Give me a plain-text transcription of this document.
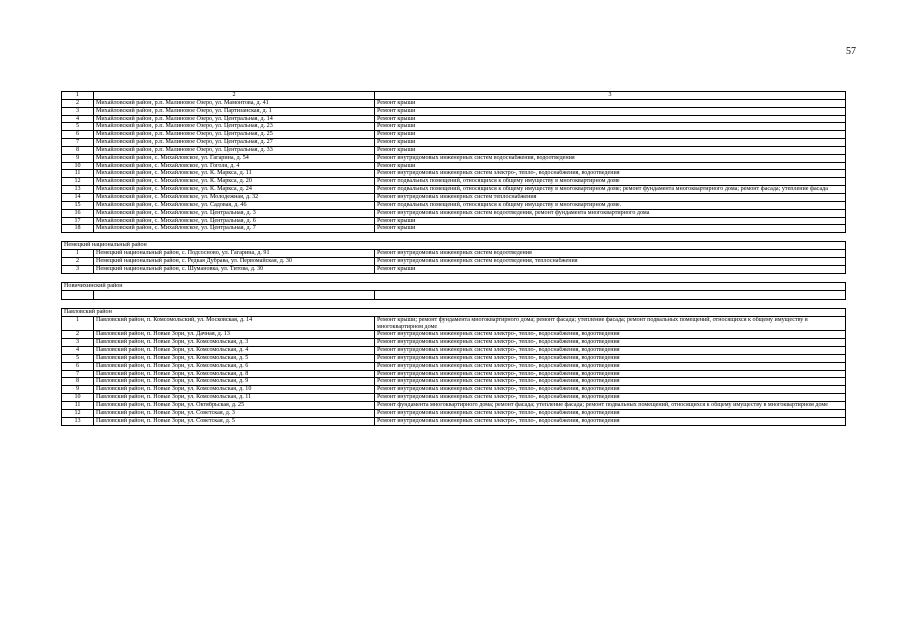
57
1	2	3
2	Михайловский район, р.п. Малиновое Озеро, ул. Мамонтова, д. 41	Ремонт крыши
3	Михайловский район, р.п. Малиновое Озеро, ул. Партизанская, д. 1	Ремонт крыши
4	Михайловский район, р.п. Малиновое Озеро, ул. Центральная, д. 14	Ремонт крыши
5	Михайловский район, р.п. Малиновое Озеро, ул. Центральная, д. 23	Ремонт крыши
6	Михайловский район, р.п. Малиновое Озеро, ул. Центральная, д. 25	Ремонт крыши
7	Михайловский район, р.п. Малиновое Озеро, ул. Центральная, д. 27	Ремонт крыши
8	Михайловский район, р.п. Малиновое Озеро, ул. Центральная, д. 33	Ремонт крыши
9	Михайловский район, с. Михайловское, ул. Гагарина, д. 54	Ремонт внутридомовых инженерных систем водоснабжения, водоотведения
10	Михайловский район, с. Михайловское, ул. Гоголя, д. 4	Ремонт крыши
11	Михайловский район, с. Михайловское, ул. К. Маркса, д. 11	Ремонт внутридомовых инженерных систем электро-, тепло-, водоснабжения, водоотведения
12	Михайловский район, с. Михайловское, ул. К. Маркса, д. 20	Ремонт подвальных помещений, относящихся к общему имуществу в многоквартирном доме
13	Михайловский район, с. Михайловское, ул. К. Маркса, д. 24	Ремонт подвальных помещений, относящихся к общему имуществу в многоквартирном доме; ремонт фундамента многоквартирного дома; ремонт фасада; утепление фасада
14	Михайловский район, с. Михайловское, ул. Молодежная, д. 32	Ремонт внутридомовых инженерных систем теплоснабжения
15	Михайловский район, с. Михайловское, ул. Садовая, д. 46	Ремонт подвальных помещений, относящихся к общему имуществу в многоквартирном доме.
16	Михайловский район, с. Михайловское, ул. Центральная, д. 3	Ремонт внутридомовых инженерных систем водоотведения, ремонт фундамента многоквартирного дома
17	Михайловский район, с. Михайловское, ул. Центральная, д. 6	Ремонт крыши
18	Михайловский район, с. Михайловское, ул. Центральная, д. 7	Ремонт крыши

Немецкий национальный район		
1	Немецкий национальный район, с. Подсосново, ул. Гагарина, д. 91	Ремонт внутридомовых инженерных систем водоотведения
2	Немецкий национальный район, с. Редкая Дубрава, ул. Первомайская, д. 30	Ремонт внутридомовых инженерных систем водоотведения, теплоснабжения
3	Немецкий национальный район, с. Шумановка, ул. Титова, д. 30	Ремонт крыши

Новичихинский район		

Павловский район		
1	Павловский район, п. Комсомольский, ул. Московская, д. 14	Ремонт крыши; ремонт фундамента многоквартирного дома; ремонт фасада; утепление фасада; ремонт подвальных помещений, относящихся к общему имуществу в многоквартирном доме
2	Павловский район, п. Новые Зори, ул. Дачная, д. 13	Ремонт внутридомовых инженерных систем электро-, тепло-, водоснабжения, водоотведения
3	Павловский район, п. Новые Зори, ул. Комсомольская, д. 3	Ремонт внутридомовых инженерных систем электро-, тепло-, водоснабжения, водоотведения
4	Павловский район, п. Новые Зори, ул. Комсомольская, д. 4	Ремонт внутридомовых инженерных систем электро-, тепло-, водоснабжения, водоотведения
5	Павловский район, п. Новые Зори, ул. Комсомольская, д. 5	Ремонт внутридомовых инженерных систем электро-, тепло-, водоснабжения, водоотведения
6	Павловский район, п. Новые Зори, ул. Комсомольская, д. 6	Ремонт внутридомовых инженерных систем электро-, тепло-, водоснабжения, водоотведения
7	Павловский район, п. Новые Зори, ул. Комсомольская, д. 8	Ремонт внутридомовых инженерных систем электро-, тепло-, водоснабжения, водоотведения
8	Павловский район, п. Новые Зори, ул. Комсомольская, д. 9	Ремонт внутридомовых инженерных систем электро-, тепло-, водоснабжения, водоотведения
9	Павловский район, п. Новые Зори, ул. Комсомольская, д. 10	Ремонт внутридомовых инженерных систем электро-, тепло-, водоснабжения, водоотведения
10	Павловский район, п. Новые Зори, ул. Комсомольская, д. 11	Ремонт внутридомовых инженерных систем электро-, тепло-, водоснабжения, водоотведения
11	Павловский район, п. Новые Зори, ул. Октябрьская, д. 25	Ремонт фундамента многоквартирного дома; ремонт фасада; утепление фасада; ремонт подвальных помещений, относящихся к общему имуществу в многоквартирном доме
12	Павловский район, п. Новые Зори, ул. Советская, д. 3	Ремонт внутридомовых инженерных систем электро-, тепло-, водоснабжения, водоотведения
13	Павловский район, п. Новые Зори, ул. Советская, д. 5	Ремонт внутридомовых инженерных систем электро-, тепло-, водоснабжения, водоотведения
